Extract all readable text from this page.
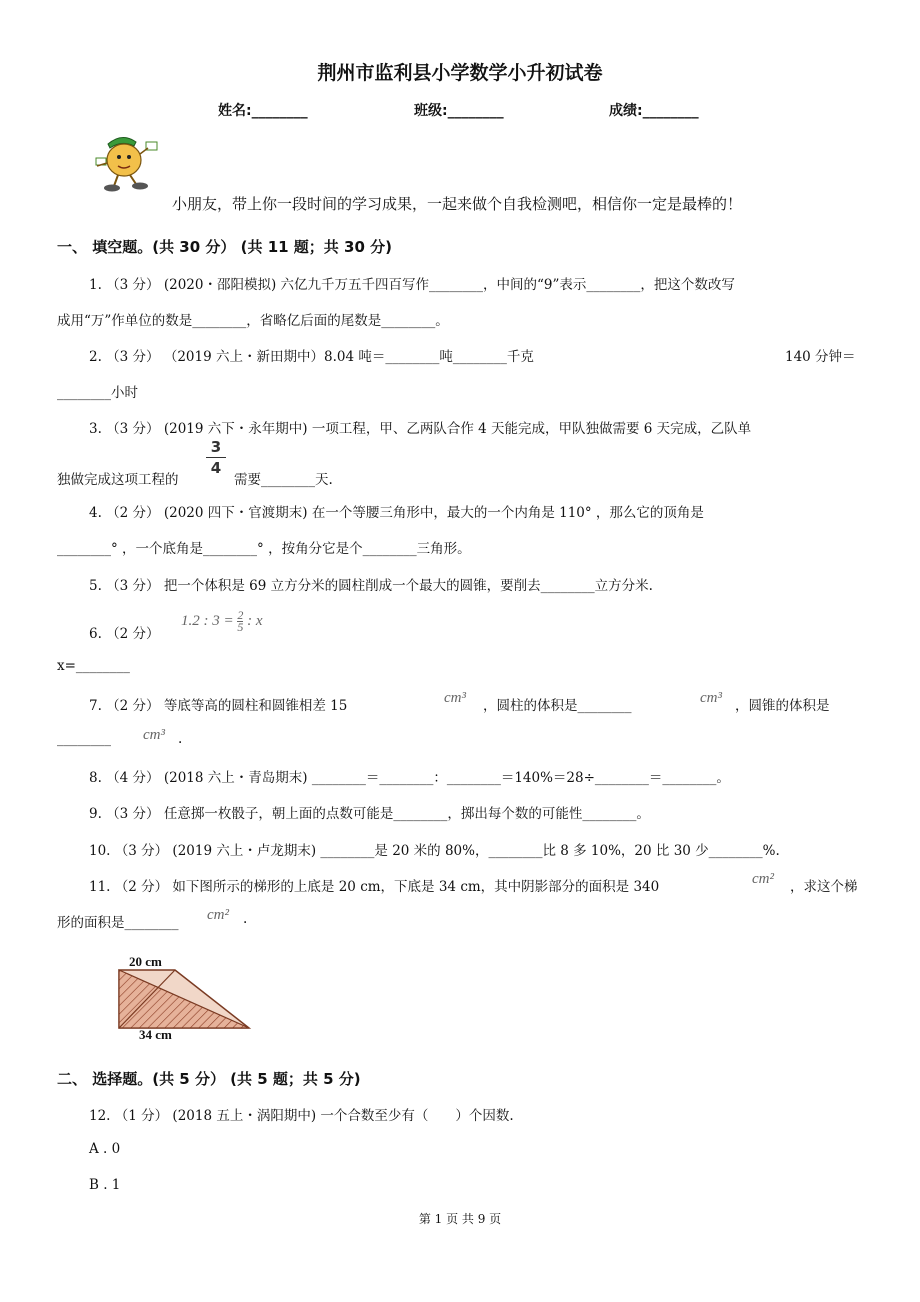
荆州市监利县小学数学小升初试卷
姓名:________	班级:________	成绩:________
小朋友，带上你一段时间的学习成果，一起来做个自我检测吧，相信你一定是最棒的！
一、 填空题。(共 30 分） (共 11 题；共 30 分)
1. （3 分） (2020・邵阳模拟) 六亿九千万五千四百写作________，中间的“9”表示________，把这个数改写
成用“万”作单位的数是________，省略亿后面的尾数是________。
2. （3 分） （2019 六上・新田期中）8.04 吨＝________吨________千克	140 分钟＝
________小时
3. （3 分） (2019 六下・永年期中) 一项工程，甲、乙两队合作 4 天能完成，甲队独做需要 6 天完成，乙队单
独做完成这项工程的
3
4
需要________天.
4. （2 分） (2020 四下・官渡期末) 在一个等腰三角形中，最大的一个内角是 110° ，那么它的顶角是
________° ，一个底角是________° ，按角分它是个________三角形。
5. （3 分） 把一个体积是 69 立方分米的圆柱削成一个最大的圆锥，要削去________立方分米.
6. （2 分）
1.2 : $3 = \frac{2}{5}$ : x
x=________
7. （2 分） 等底等高的圆柱和圆锥相差 15	cm³ ，圆柱的体积是________	cm³ ，圆锥的体积是
________ cm³ .
8. （4 分） (2018 六上・青岛期末) ________＝________：________＝140%＝28÷________＝________。
9. （3 分） 任意掷一枚骰子，朝上面的点数可能是________，掷出每个数的可能性________。
10. （3 分） (2019 六上・卢龙期末) ________是 20 米的 80%，________比 8 多 10%，20 比 30 少________%.
11. （2 分） 如下图所示的梯形的上底是 20 cm，下底是 34 cm，其中阴影部分的面积是 340	cm² ，求这个梯
形的面积是________ cm² .
20 cm
34 cm
二、 选择题。(共 5 分） (共 5 题；共 5 分)
12. （1 分） (2018 五上・涡阳期中) 一个合数至少有（　　）个因数.
A . 0
B . 1
第 1 页 共 9 页
